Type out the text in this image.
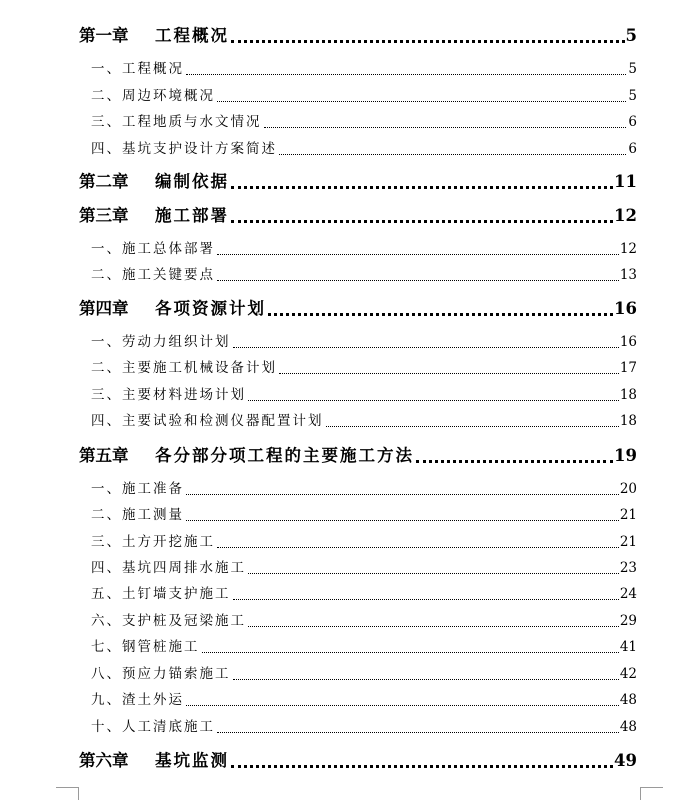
第一章	工程概况	5
一、工程概况	5
二、周边环境概况	5
三、工程地质与水文情况	6
四、基坑支护设计方案简述	6
第二章	编制依据	11
第三章	施工部署	12
一、施工总体部署	12
二、施工关键要点	13
第四章	各项资源计划	16
一、劳动力组织计划	16
二、主要施工机械设备计划	17
三、主要材料进场计划	18
四、主要试验和检测仪器配置计划	18
第五章	各分部分项工程的主要施工方法	19
一、施工准备	20
二、施工测量	21
三、土方开挖施工	21
四、基坑四周排水施工	23
五、土钉墙支护施工	24
六、支护桩及冠梁施工	29
七、钢管桩施工	41
八、预应力锚索施工	42
九、渣土外运	48
十、人工清底施工	48
第六章	基坑监测	49
